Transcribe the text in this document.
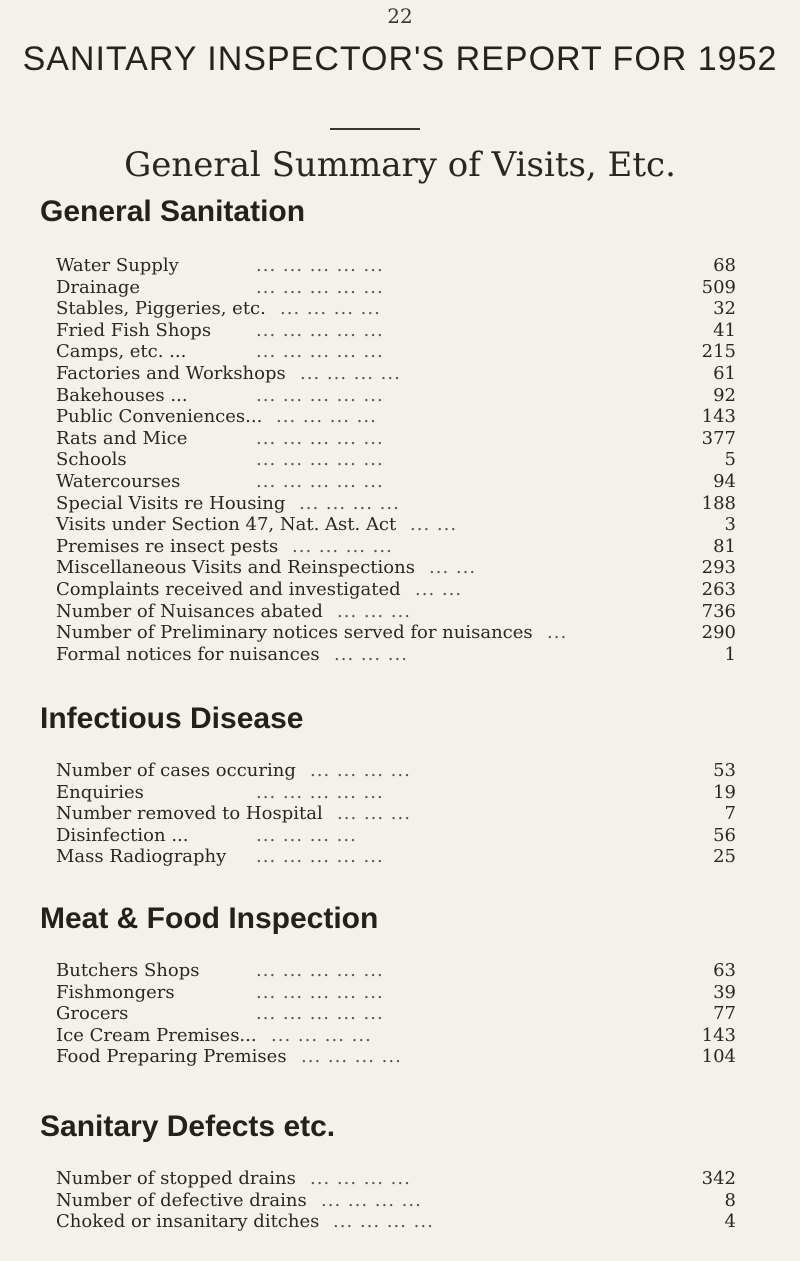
22
SANITARY INSPECTOR'S REPORT FOR 1952
General Summary of Visits, Etc.
General Sanitation
Water Supply	... ... ... ... ...	68
Drainage	... ... ... ... ...	509
Stables, Piggeries, etc. ... ... ... ...	32
Fried Fish Shops ... ... ... ... ...	41
Camps, etc. ...	... ... ... ... ...	215
Factories and Workshops ... ... ... ...	61
Bakehouses ...	... ... ... ... ...	92
Public Conveniences... ... ... ... ...	143
Rats and Mice	... ... ... ... ...	377
Schools	... ... ... ... ...	5
Watercourses	... ... ... ... ...	94
Special Visits re Housing ... ... ... ...	188
Visits under Section 47, Nat. Ast. Act ... ...	3
Premises re insect pests ... ... ... ...	81
Miscellaneous Visits and Reinspections ... ...	293
Complaints received and investigated ... ...	263
Number of Nuisances abated ... ... ...	736
Number of Preliminary notices served for nuisances ...	290
Formal notices for nuisances ... ... ...	1
Infectious Disease
Number of cases occuring ... ... ... ...	53
Enquiries	... ... ... ... ...	19
Number removed to Hospital ... ... ...	7
Disinfection ...	... ... ... ...	56
Mass Radiography ... ... ... ... ...	25
Meat & Food Inspection
Butchers Shops	... ... ... ... ...	63
Fishmongers	... ... ... ... ...	39
Grocers	... ... ... ... ...	77
Ice Cream Premises... ... ... ... ...	143
Food Preparing Premises ... ... ... ...	104
Sanitary Defects etc.
Number of stopped drains ... ... ... ...	342
Number of defective drains ... ... ... ...	8
Choked or insanitary ditches ... ... ... ...	4
